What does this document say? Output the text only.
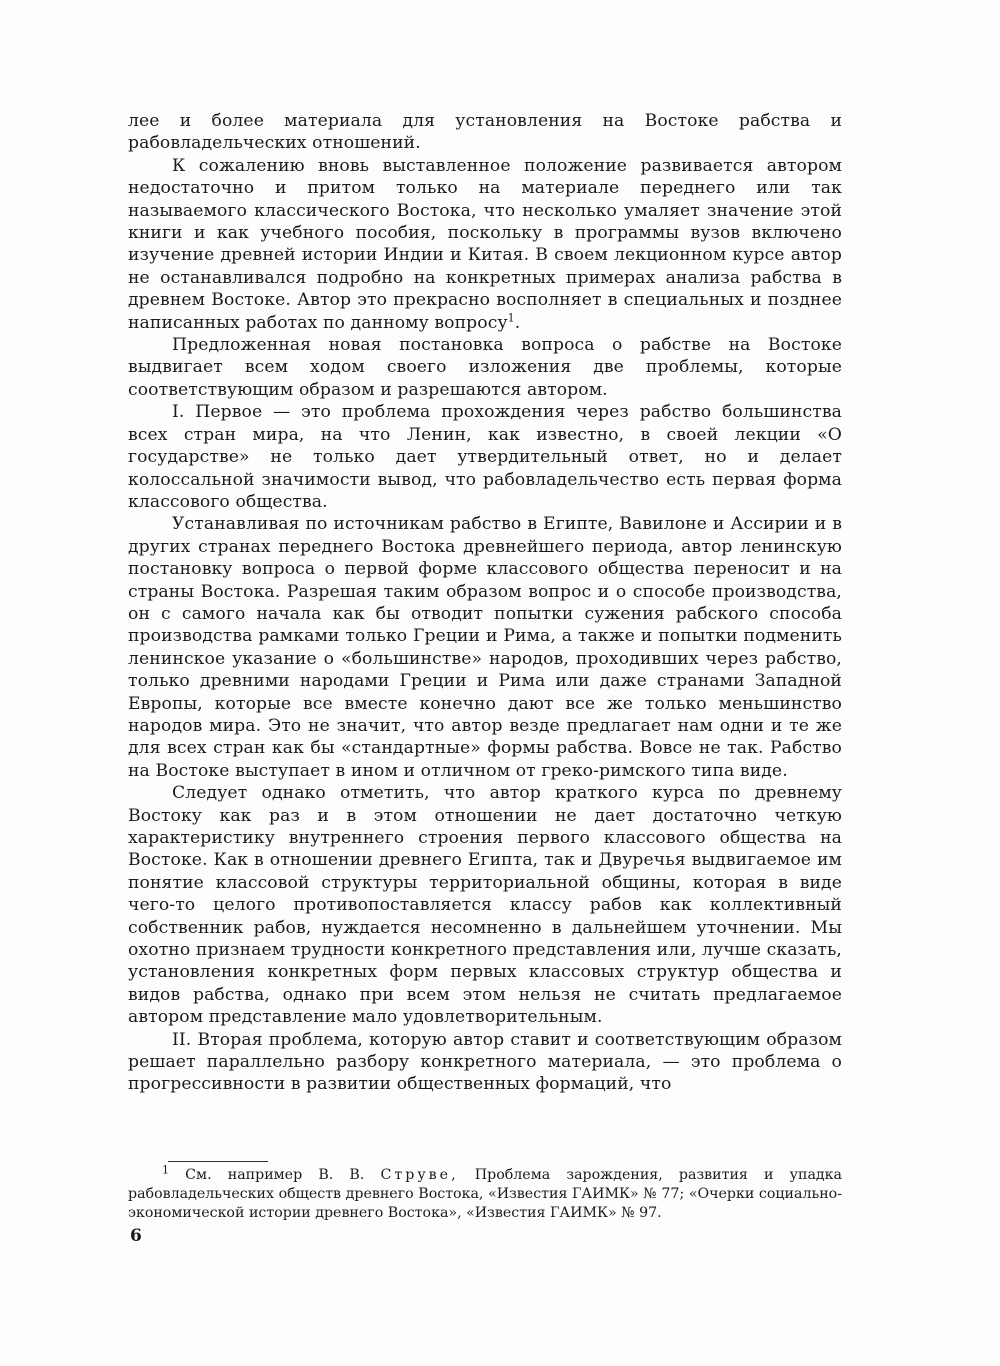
лее и более материала для установления на Востоке рабства и рабовладельческих отношений.

К сожалению вновь выставленное положение развивается автором недостаточно и притом только на материале переднего или так называемого классического Востока, что несколько умаляет значение этой книги и как учебного пособия, поскольку в программы вузов включено изучение древней истории Индии и Китая. В своем лекционном курсе автор не останавливался подробно на конкретных примерах анализа рабства в древнем Востоке. Автор это прекрасно восполняет в специальных и позднее написанных работах по данному вопросу$^1$.

Предложенная новая постановка вопроса о рабстве на Востоке выдвигает всем ходом своего изложения две проблемы, которые соответствующим образом и разрешаются автором.

I. Первое — это проблема прохождения через рабство большинства всех стран мира, на что Ленин, как известно, в своей лекции «О государстве» не только дает утвердительный ответ, но и делает колоссальной значимости вывод, что рабовладельчество есть первая форма классового общества.

Устанавливая по источникам рабство в Египте, Вавилоне и Ассирии и в других странах переднего Востока древнейшего периода, автор ленинскую постановку вопроса о первой форме классового общества переносит и на страны Востока. Разрешая таким образом вопрос и о способе производства, он с самого начала как бы отводит попытки сужения рабского способа производства рамками только Греции и Рима, а также и попытки подменить ленинское указание о «большинстве» народов, проходивших через рабство, только древними народами Греции и Рима или даже странами Западной Европы, которые все вместе конечно дают все же только меньшинство народов мира. Это не значит, что автор везде предлагает нам одни и те же для всех стран как бы «стандартные» формы рабства. Вовсе не так. Рабство на Востоке выступает в ином и отличном от греко-римского типа виде.

Следует однако отметить, что автор краткого курса по древнему Востоку как раз и в этом отношении не дает достаточно четкую характеристику внутреннего строения первого классового общества на Востоке. Как в отношении древнего Египта, так и Двуречья выдвигаемое им понятие классовой структуры территориальной общины, которая в виде чего-то целого противопоставляется классу рабов как коллективный собственник рабов, нуждается несомненно в дальнейшем уточнении. Мы охотно признаем трудности конкретного представления или, лучше сказать, установления конкретных форм первых классовых структур общества и видов рабства, однако при всем этом нельзя не считать предлагаемое автором представление мало удовлетворительным.

II. Вторая проблема, которую автор ставит и соответствующим образом решает параллельно разбору конкретного материала, — это проблема о прогрессивности в развитии общественных формаций, что

$^1$ См. например В. В. Струве, Проблема зарождения, развития и упадка рабовладельческих обществ древнего Востока, «Известия ГАИМК» № 77; «Очерки социально-экономической истории древнего Востока», «Известия ГАИМК» № 97.
6
